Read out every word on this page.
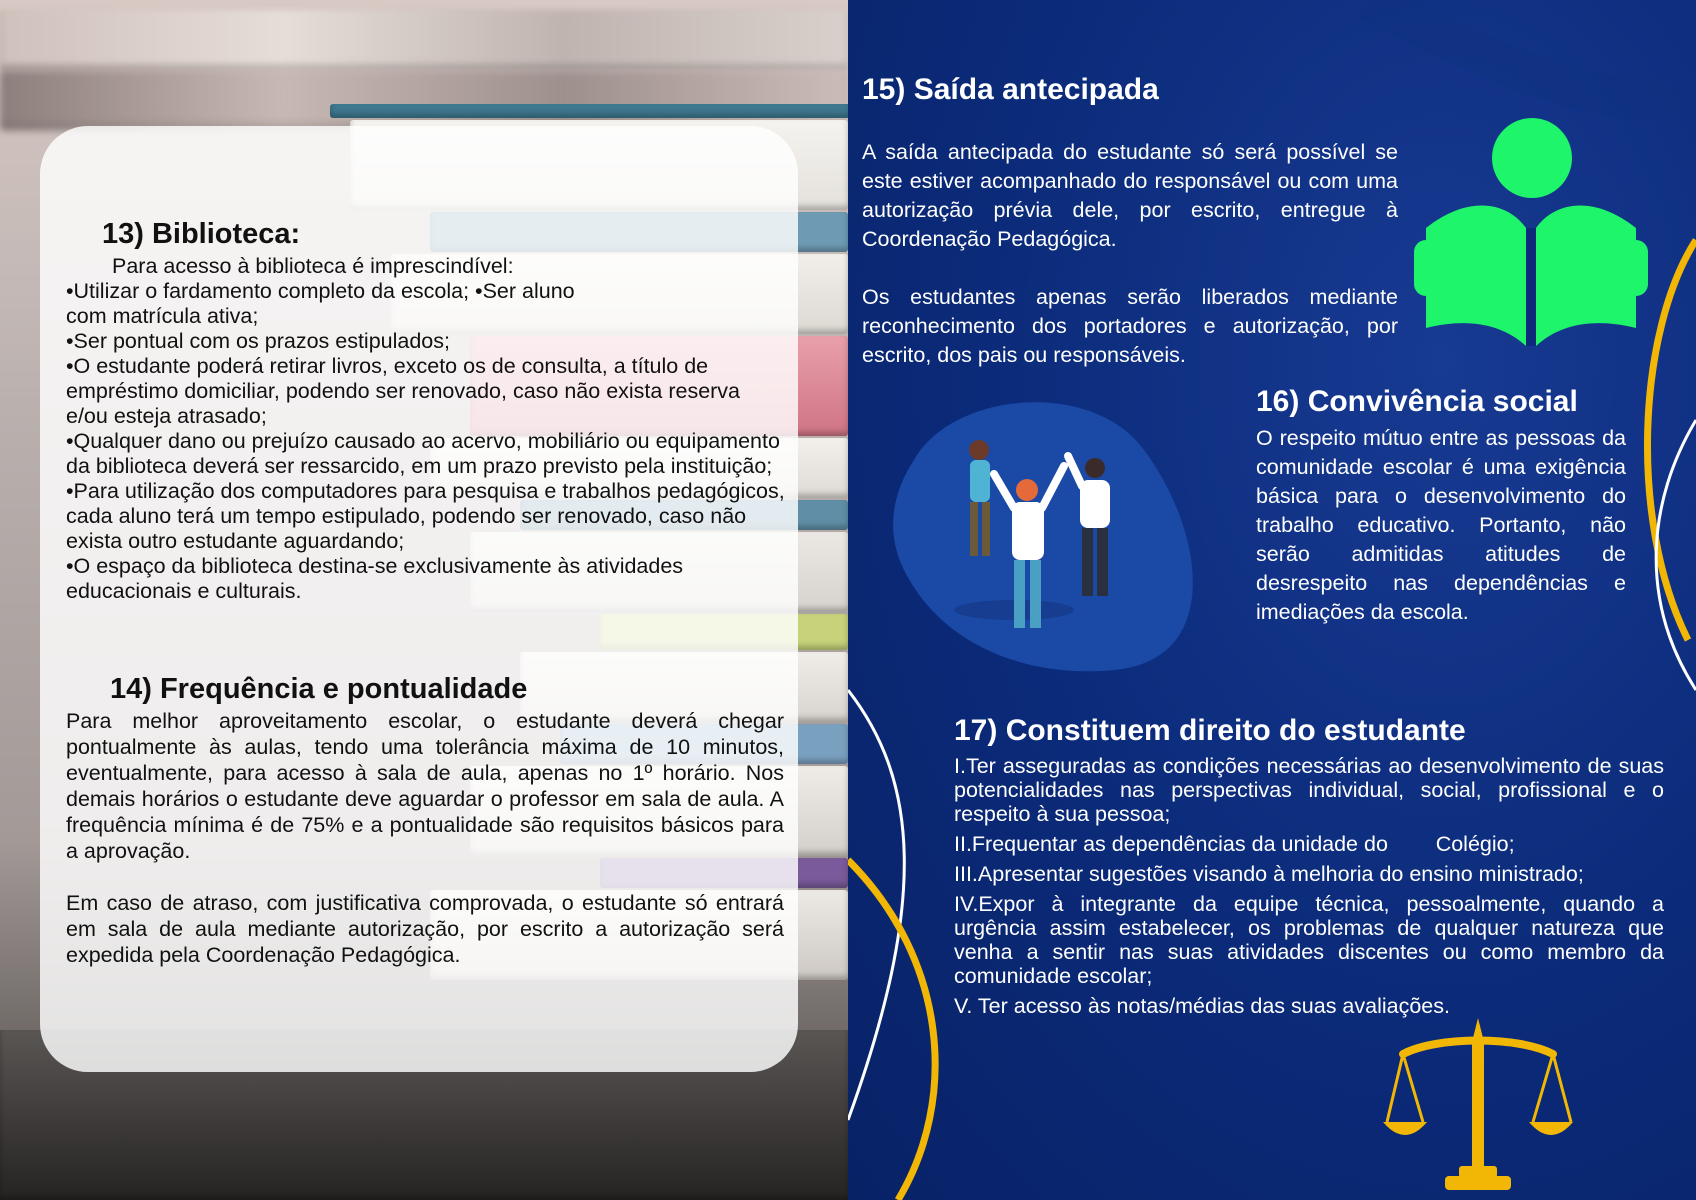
13) Biblioteca:

Para acesso à biblioteca é imprescindível:

•Utilizar o fardamento completo da escola; •Ser aluno com matrícula ativa;

•Ser pontual com os prazos estipulados;

•O estudante poderá retirar livros, exceto os de consulta, a título de empréstimo domiciliar, podendo ser renovado, caso não exista reserva e/ou esteja atrasado;

•Qualquer dano ou prejuízo causado ao acervo, mobiliário ou equipamento da biblioteca deverá ser ressarcido, em um prazo previsto pela instituição;

•Para utilização dos computadores para pesquisa e trabalhos pedagógicos, cada aluno terá um tempo estipulado, podendo ser renovado, caso não exista outro estudante aguardando;

•O espaço da biblioteca destina-se exclusivamente às atividades educacionais e culturais.

14) Frequência e pontualidade

Para melhor aproveitamento escolar, o estudante deverá chegar pontualmente às aulas, tendo uma tolerância máxima de 10 minutos, eventualmente, para acesso à sala de aula, apenas no 1º horário. Nos demais horários o estudante deve aguardar o professor em sala de aula. A frequência mínima é de 75% e a pontualidade são requisitos básicos para a aprovação.

Em caso de atraso, com justificativa comprovada, o estudante só entrará em sala de aula mediante autorização, por escrito a autorização será expedida pela Coordenação Pedagógica.

15) Saída antecipada

A saída antecipada do estudante só será possível se este estiver acompanhado do responsável ou com uma autorização prévia dele, por escrito, entregue à Coordenação Pedagógica.

Os estudantes apenas serão liberados mediante reconhecimento dos portadores e autorização, por escrito, dos pais ou responsáveis.

16) Convivência social

O respeito mútuo entre as pessoas da comunidade escolar é uma exigência básica para o desenvolvimento do trabalho educativo. Portanto, não serão admitidas atitudes de desrespeito nas dependências e imediações da escola.

17) Constituem direito do estudante

I.Ter asseguradas as condições necessárias ao desenvolvimento de suas potencialidades nas perspectivas individual, social, profissional e o respeito à sua pessoa;

II.Frequentar as dependências da unidade do        Colégio;

III.Apresentar sugestões visando à melhoria do ensino ministrado;

IV.Expor à integrante da equipe técnica, pessoalmente, quando a urgência assim estabelecer, os problemas de qualquer natureza que venha a sentir nas suas atividades discentes ou como membro da comunidade escolar;

V. Ter acesso às notas/médias das suas avaliações.
